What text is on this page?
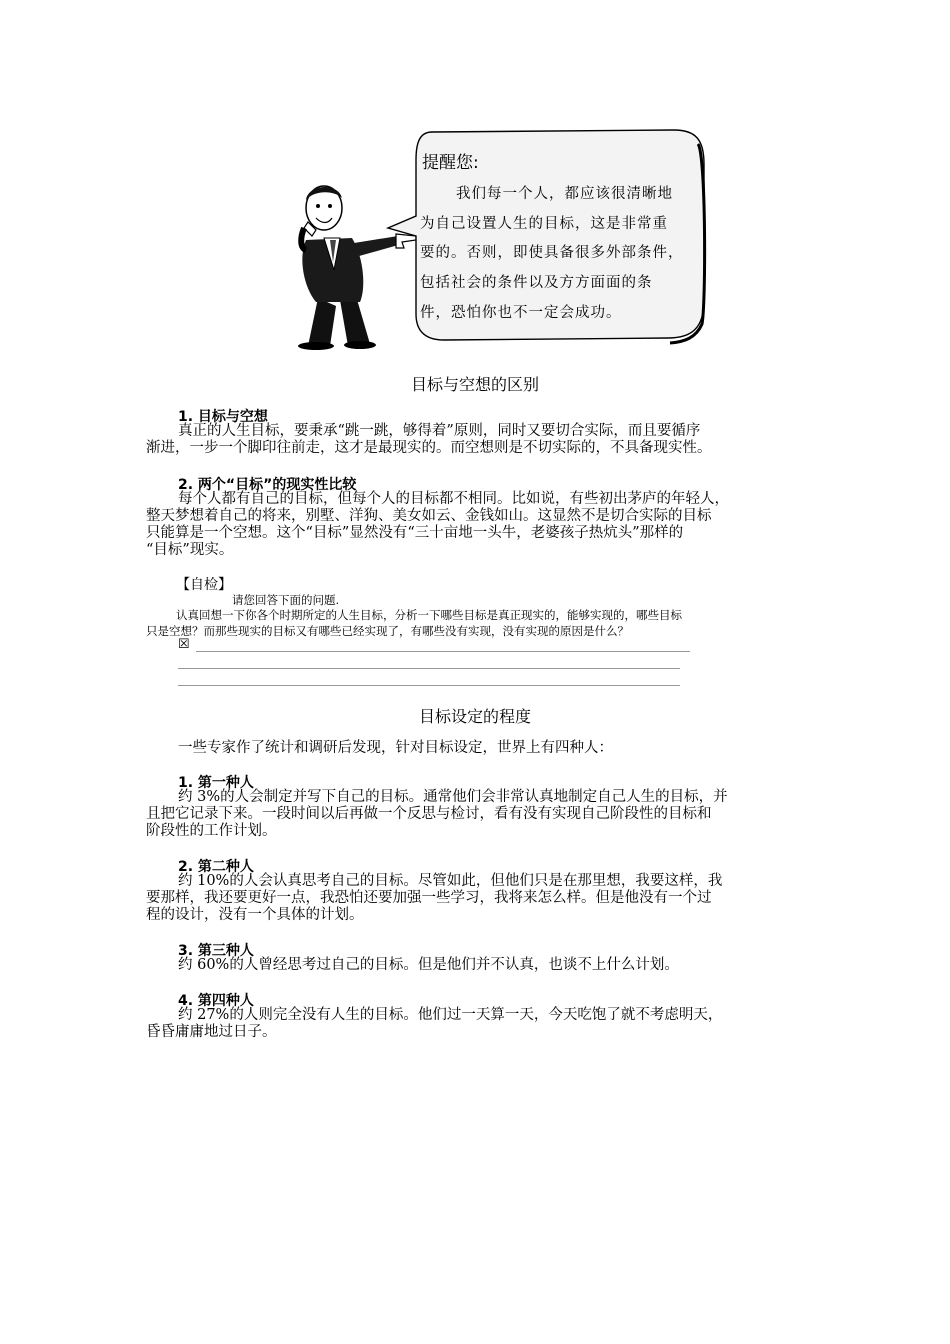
提醒您:
我们每一个人，都应该很清晰地
为自己设置人生的目标，这是非常重
要的。否则，即使具备很多外部条件，
包括社会的条件以及方方面面的条
件，恐怕你也不一定会成功。
目标与空想的区别
1. 目标与空想
真正的人生目标，要秉承“跳一跳，够得着”原则，同时又要切合实际，而且要循序
渐进，一步一个脚印往前走，这才是最现实的。而空想则是不切实际的，不具备现实性。
2. 两个“目标”的现实性比较
每个人都有自己的目标，但每个人的目标都不相同。比如说，有些初出茅庐的年轻人，
整天梦想着自己的将来，别墅、洋狗、美女如云、金钱如山。这显然不是切合实际的目标
只能算是一个空想。这个“目标”显然没有“三十亩地一头牛，老婆孩子热炕头”那样的
“目标”现实。
【自检】
请您回答下面的问题.
认真回想一下你各个时期所定的人生目标，分析一下哪些目标是真正现实的，能够实现的，哪些目标
只是空想？而那些现实的目标又有哪些已经实现了，有哪些没有实现，没有实现的原因是什么？
☒
目标设定的程度
一些专家作了统计和调研后发现，针对目标设定，世界上有四种人：
1. 第一种人
约 3%的人会制定并写下自己的目标。通常他们会非常认真地制定自己人生的目标，并
且把它记录下来。一段时间以后再做一个反思与检讨，看有没有实现自己阶段性的目标和
阶段性的工作计划。
2. 第二种人
约 10%的人会认真思考自己的目标。尽管如此，但他们只是在那里想，我要这样，我
要那样，我还要更好一点，我恐怕还要加强一些学习，我将来怎么样。但是他没有一个过
程的设计，没有一个具体的计划。
3. 第三种人
约 60%的人曾经思考过自己的目标。但是他们并不认真，也谈不上什么计划。
4. 第四种人
约 27%的人则完全没有人生的目标。他们过一天算一天，今天吃饱了就不考虑明天，
昏昏庸庸地过日子。
